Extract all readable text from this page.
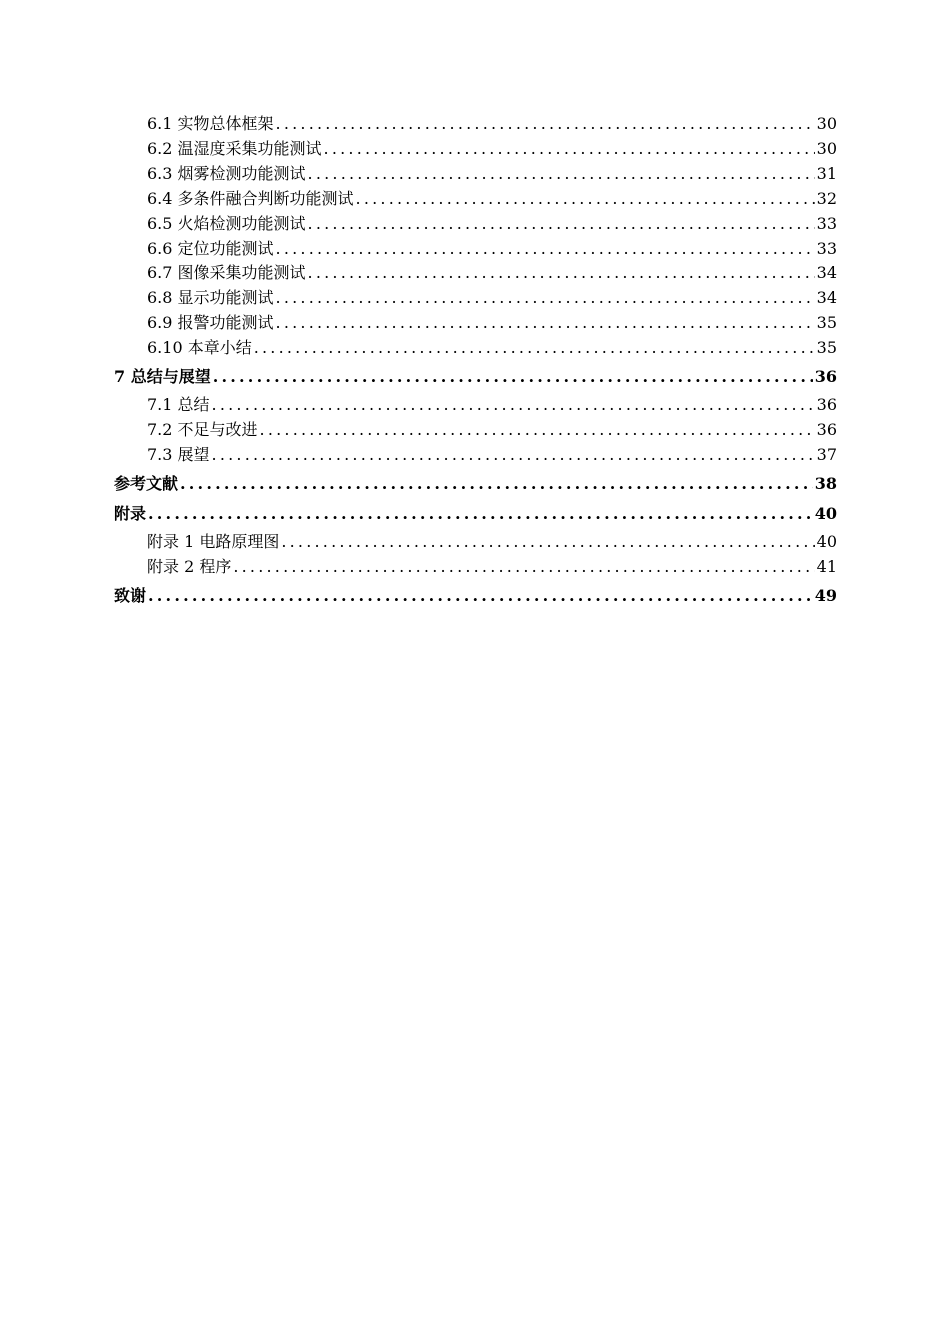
6.1 实物总体框架 .....	30
6.2 温湿度采集功能测试 .....	30
6.3 烟雾检测功能测试 .....	31
6.4 多条件融合判断功能测试 .....	32
6.5 火焰检测功能测试 .....	33
6.6 定位功能测试 .....	33
6.7 图像采集功能测试 .....	34
6.8 显示功能测试 .....	34
6.9 报警功能测试 .....	35
6.10 本章小结 .....	35
7 总结与展望 .....	36
7.1 总结 .....	36
7.2 不足与改进 .....	36
7.3 展望 .....	37
参考文献 .....	38
附录 .....	40
附录 1 电路原理图 .....	40
附录 2 程序 .....	41
致谢 .....	49
